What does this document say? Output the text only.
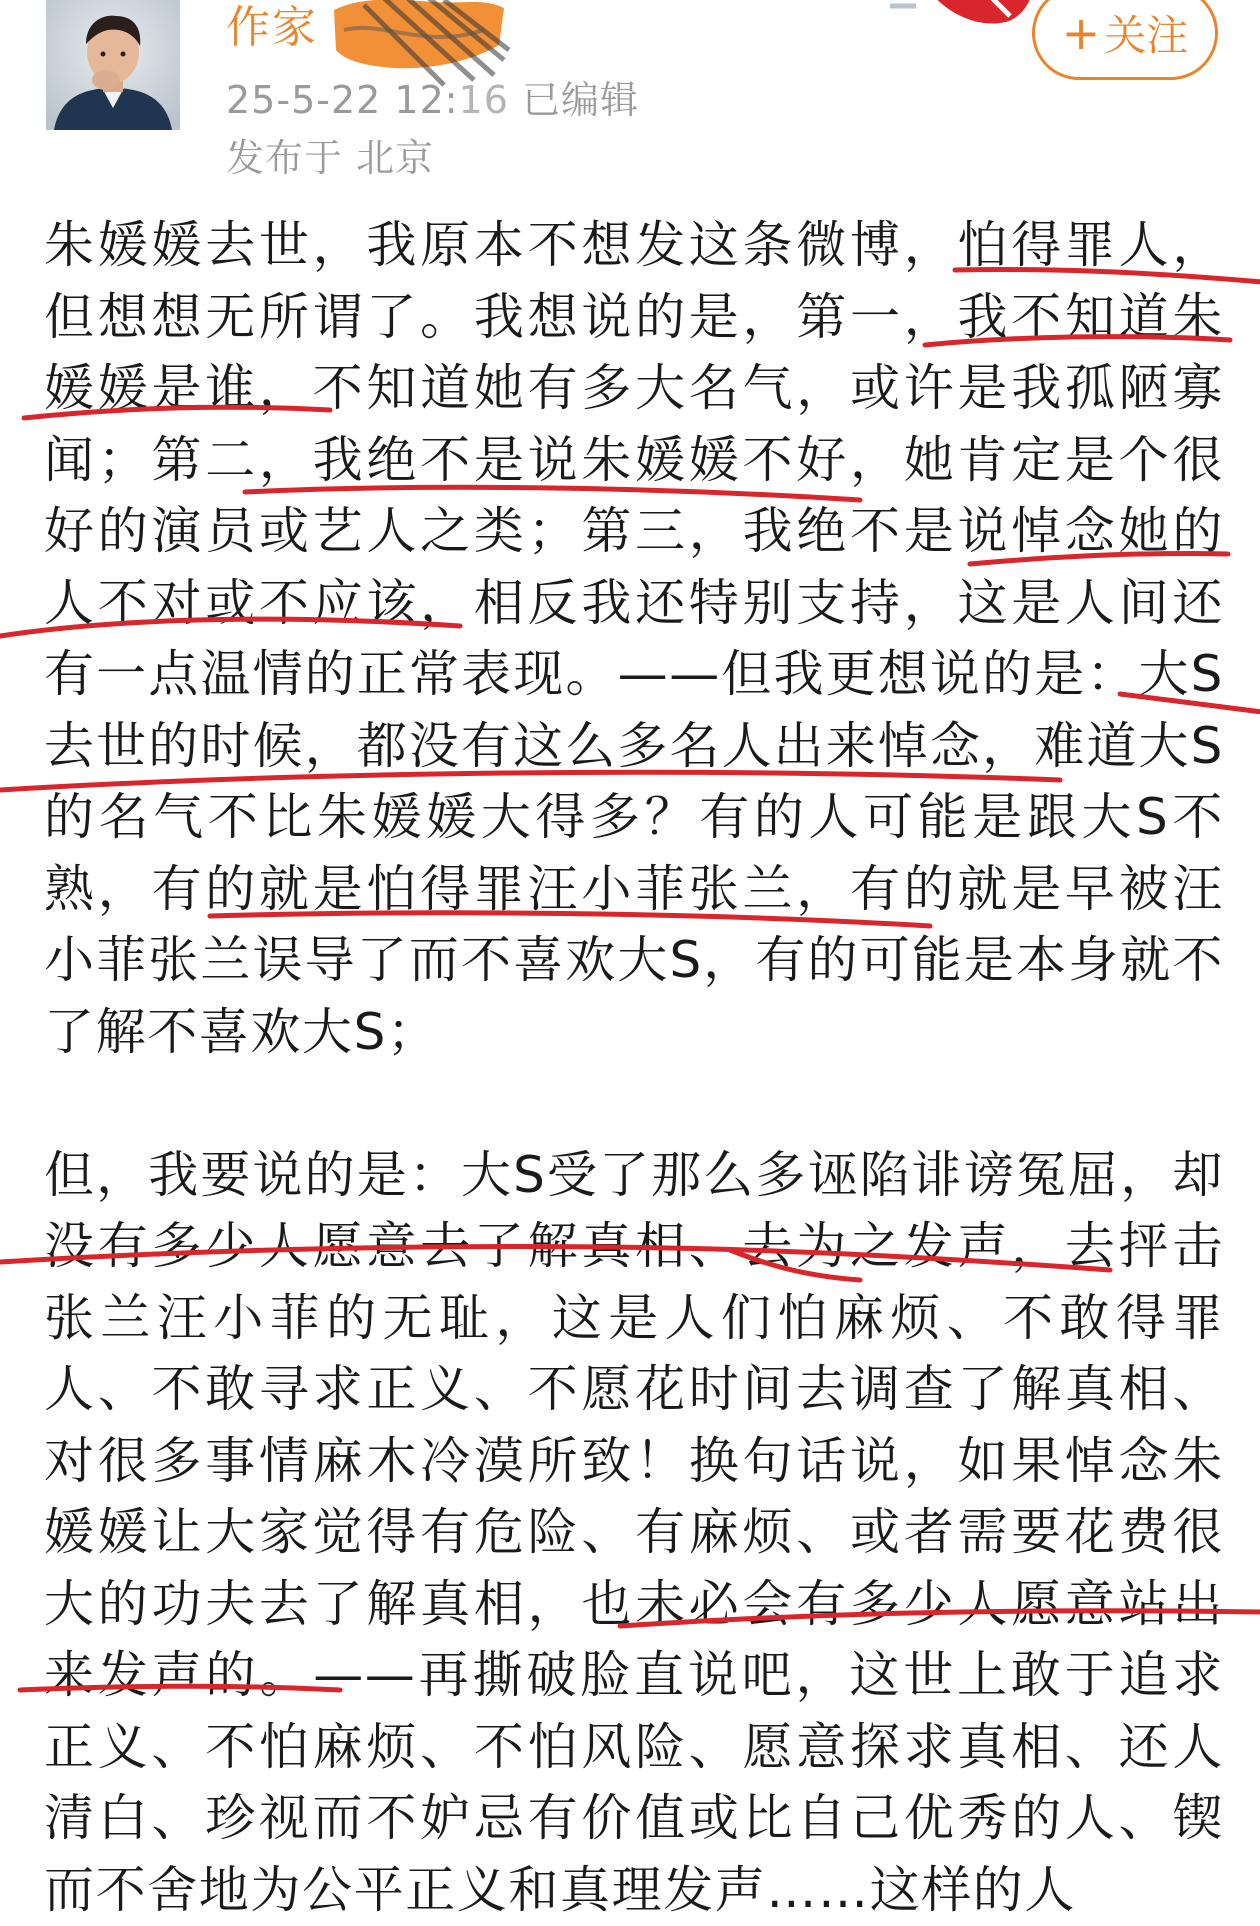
作家
25-5-22 12:16 已编辑
发布于 北京
+ 关注

朱媛媛去世，我原本不想发这条微博，怕得罪人，但想想无所谓了。我想说的是，第一，我不知道朱媛媛是谁，不知道她有多大名气，或许是我孤陋寡闻；第二，我绝不是说朱媛媛不好，她肯定是个很好的演员或艺人之类；第三，我绝不是说悼念她的人不对或不应该，相反我还特别支持，这是人间还有一点温情的正常表现。——但我更想说的是：大S去世的时候，都没有这么多名人出来悼念，难道大S的名气不比朱媛媛大得多？有的人可能是跟大S不熟，有的就是怕得罪汪小菲张兰，有的就是早被汪小菲张兰误导了而不喜欢大S，有的可能是本身就不了解不喜欢大S；

但，我要说的是：大S受了那么多诬陷诽谤冤屈，却没有多少人愿意去了解真相、去为之发声，去抨击张兰汪小菲的无耻，这是人们怕麻烦、不敢得罪人、不敢寻求正义、不愿花时间去调查了解真相、对很多事情麻木冷漠所致！换句话说，如果悼念朱媛媛让大家觉得有危险、有麻烦、或者需要花费很大的功夫去了解真相，也未必会有多少人愿意站出来发声的。——再撕破脸直说吧，这世上敢于追求正义、不怕麻烦、不怕风险、愿意探求真相、还人清白、珍视而不妒忌有价值或比自己优秀的人、锲而不舍地为公平正义和真理发声……这样的人
